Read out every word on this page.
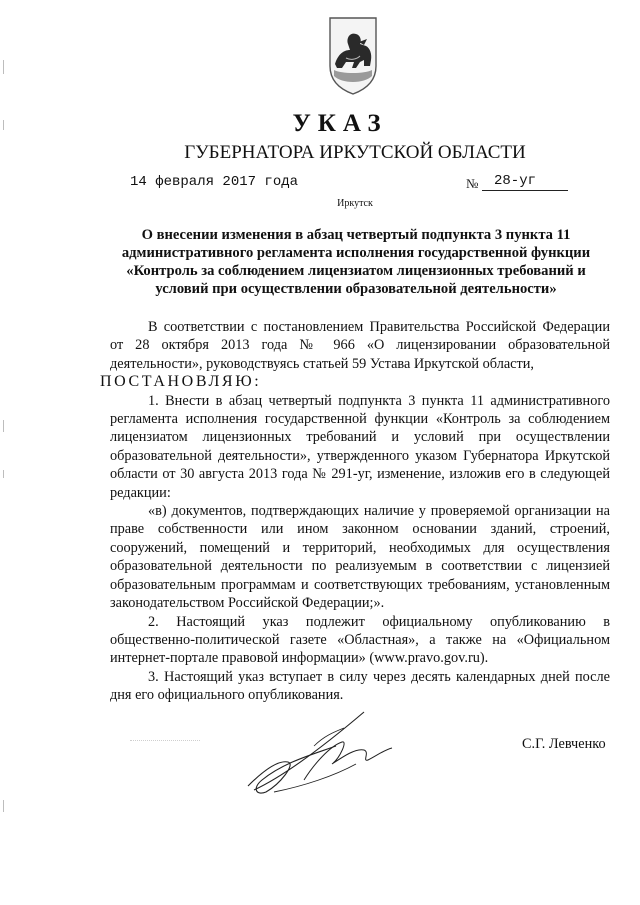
УКАЗ
ГУБЕРНАТОРА ИРКУТСКОЙ ОБЛАСТИ
14 февраля 2017 года	№	28-уг
Иркутск
О внесении изменения в абзац четвертый подпункта 3 пункта 11
административного регламента исполнения государственной функции
«Контроль за соблюдением лицензиатом лицензионных требований и
условий при осуществлении образовательной деятельности»

В соответствии с постановлением Правительства Российской Федерации от 28 октября 2013 года № 966 «О лицензировании образовательной деятельности», руководствуясь статьей 59 Устава Иркутской области,

ПОСТАНОВЛЯЮ:

1. Внести в абзац четвертый подпункта 3 пункта 11 административного регламента исполнения государственной функции «Контроль за соблюдением лицензиатом лицензионных требований и условий при осуществлении образовательной деятельности», утвержденного указом Губернатора Иркутской области от 30 августа 2013 года № 291-уг, изменение, изложив его в следующей редакции:

«в) документов, подтверждающих наличие у проверяемой организации на праве собственности или ином законном основании зданий, строений, сооружений, помещений и территорий, необходимых для осуществления образовательной деятельности по реализуемым в соответствии с лицензией образовательным программам и соответствующих требованиям, установленным законодательством Российской Федерации;».

2. Настоящий указ подлежит официальному опубликованию в общественно-политической газете «Областная», а также на «Официальном интернет-портале правовой информации» (www.pravo.gov.ru).

3. Настоящий указ вступает в силу через десять календарных дней после дня его официального опубликования.

С.Г. Левченко
